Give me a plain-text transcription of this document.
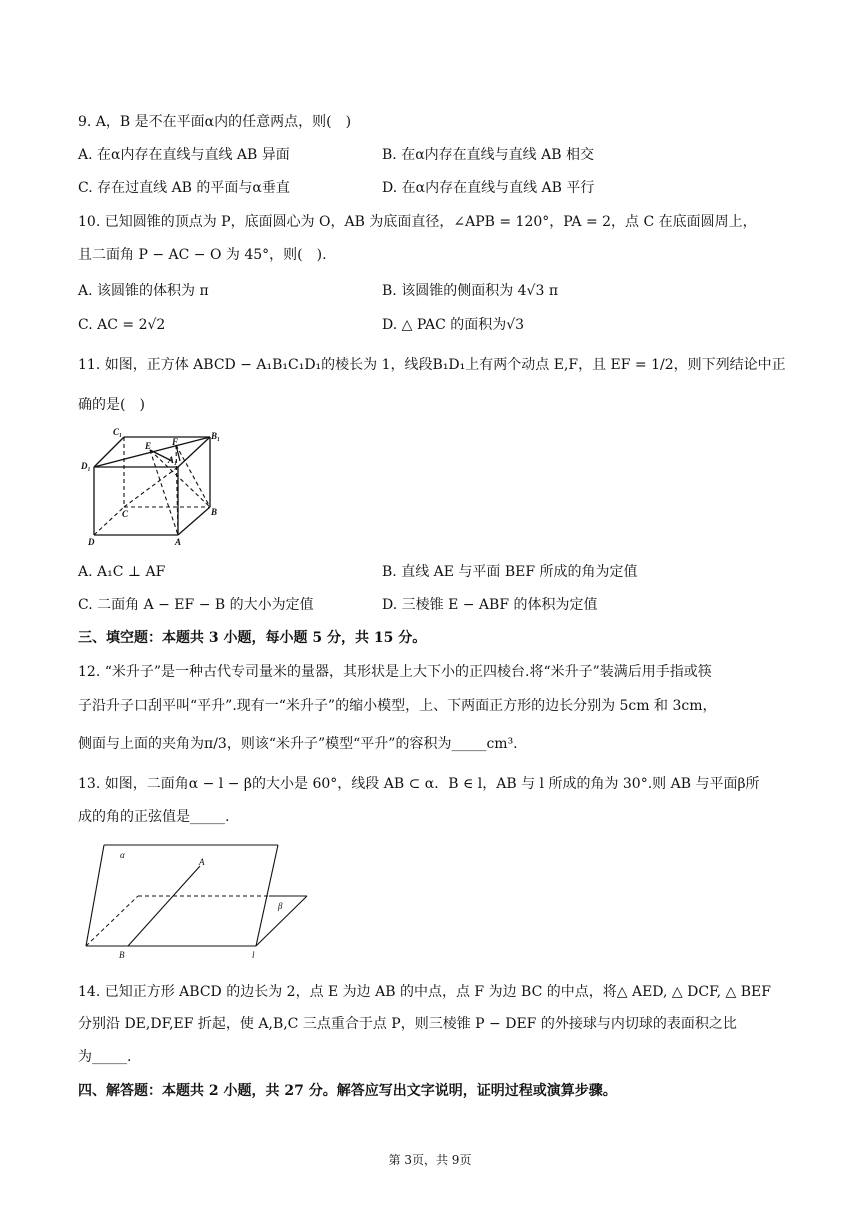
9. A，B 是不在平面α内的任意两点，则(　)
A. 在α内存在直线与直线 AB 异面	B. 在α内存在直线与直线 AB 相交
C. 存在过直线 AB 的平面与α垂直	D. 在α内存在直线与直线 AB 平行
10. 已知圆锥的顶点为 P，底面圆心为 O，AB 为底面直径，∠APB = 120°，PA = 2，点 C 在底面圆周上，
且二面角 P − AC − O 为 45°，则(　).
A. 该圆锥的体积为 π	B. 该圆锥的侧面积为 4√3 π
C. AC = 2√2	D. △ PAC 的面积为√3
11. 如图，正方体 ABCD − A₁B₁C₁D₁的棱长为 1，线段B₁D₁上有两个动点 E,F，且 EF = 1/2，则下列结论中正
确的是(　)
C₁
E F
B₁
D₁
A₁
C	B
D	A
A. A₁C ⊥ AF	B. 直线 AE 与平面 BEF 所成的角为定值
C. 二面角 A − EF − B 的大小为定值	D. 三棱锥 E − ABF 的体积为定值
三、填空题：本题共 3 小题，每小题 5 分，共 15 分。
12. “米升子”是一种古代专司量米的量器，其形状是上大下小的正四棱台.将“米升子”装满后用手指或筷
子沿升子口刮平叫“平升”.现有一“米升子”的缩小模型，上、下两面正方形的边长分别为 5cm 和 3cm，
侧面与上面的夹角为π/3，则该“米升子”模型“平升”的容积为_____cm³.
13. 如图，二面角α − l − β的大小是 60°，线段 AB ⊂ α．B ∈ l，AB 与 l 所成的角为 30°.则 AB 与平面β所
成的角的正弦值是_____.
α
A
β
B	l
14. 已知正方形 ABCD 的边长为 2，点 E 为边 AB 的中点，点 F 为边 BC 的中点，将△ AED, △ DCF, △ BEF
分别沿 DE,DF,EF 折起，使 A,B,C 三点重合于点 P，则三棱锥 P − DEF 的外接球与内切球的表面积之比
为_____.
四、解答题：本题共 2 小题，共 27 分。解答应写出文字说明，证明过程或演算步骤。
第 3页，共 9页
